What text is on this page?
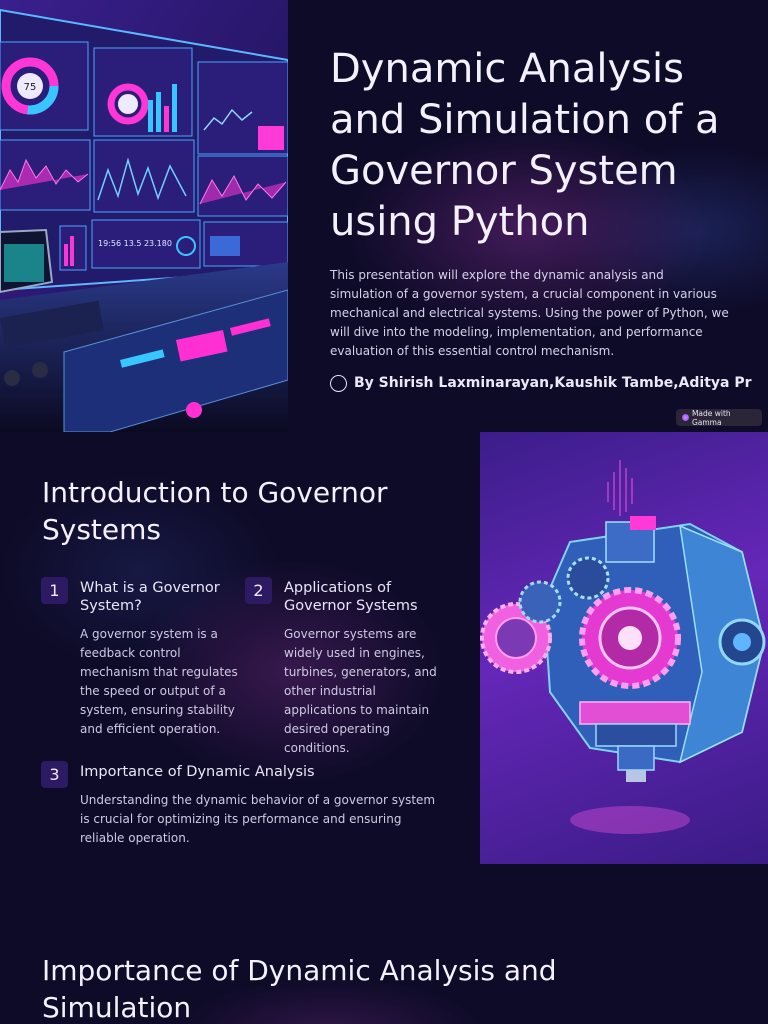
75
19:56 13.5 23.180
Dynamic Analysis and Simulation of a Governor System using Python

This presentation will explore the dynamic analysis and simulation of a governor system, a crucial component in various mechanical and electrical systems. Using the power of Python, we will dive into the modeling, implementation, and performance evaluation of this essential control mechanism.

By Shirish Laxminarayan,Kaushik Tambe,Aditya Pr
Made with Gamma
Introduction to Governor Systems
1	What is a Governor System?

A governor system is a feedback control mechanism that regulates the speed or output of a system, ensuring stability and efficient operation.

2	Applications of Governor Systems

Governor systems are widely used in engines, turbines, generators, and other industrial applications to maintain desired operating conditions.

3	Importance of Dynamic Analysis

Understanding the dynamic behavior of a governor system is crucial for optimizing its performance and ensuring reliable operation.

Importance of Dynamic Analysis and Simulation
